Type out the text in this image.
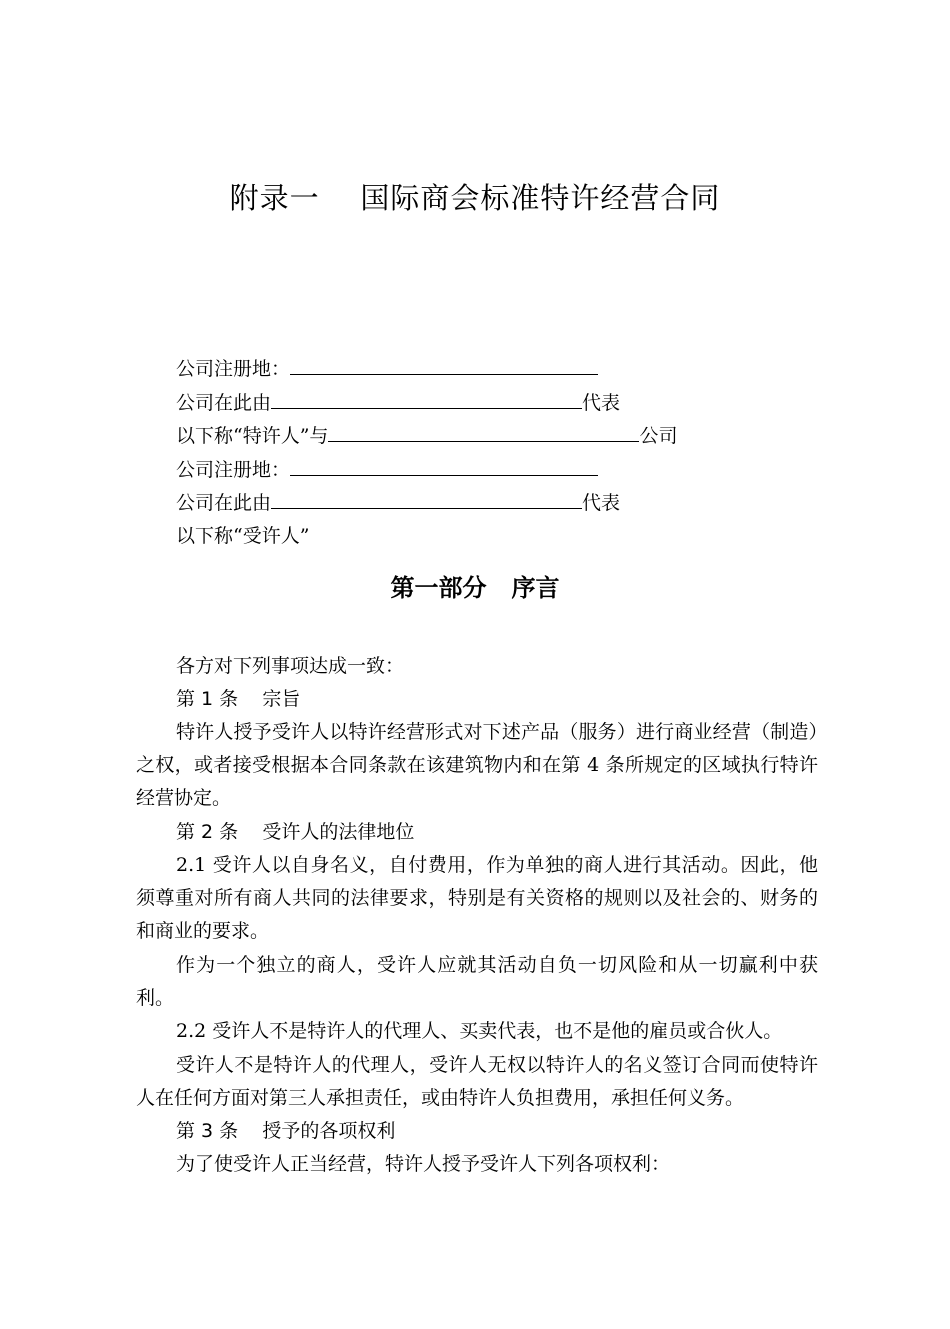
附录一    国际商会标准特许经营合同
公司注册地：
公司在此由	代表
以下称“特许人”与	公司
公司注册地：
公司在此由	代表
以下称“受许人”
第一部分   序言

各方对下列事项达成一致：

第 1 条    宗旨

特许人授予受许人以特许经营形式对下述产品（服务）进行商业经营（制造）之权，或者接受根据本合同条款在该建筑物内和在第 4 条所规定的区域执行特许经营协定。

第 2 条    受许人的法律地位

2.1 受许人以自身名义，自付费用，作为单独的商人进行其活动。因此，他须尊重对所有商人共同的法律要求，特别是有关资格的规则以及社会的、财务的和商业的要求。

作为一个独立的商人，受许人应就其活动自负一切风险和从一切赢利中获利。

2.2 受许人不是特许人的代理人、买卖代表，也不是他的雇员或合伙人。

受许人不是特许人的代理人，受许人无权以特许人的名义签订合同而使特许人在任何方面对第三人承担责任，或由特许人负担费用，承担任何义务。

第 3 条    授予的各项权利

为了使受许人正当经营，特许人授予受许人下列各项权利：
